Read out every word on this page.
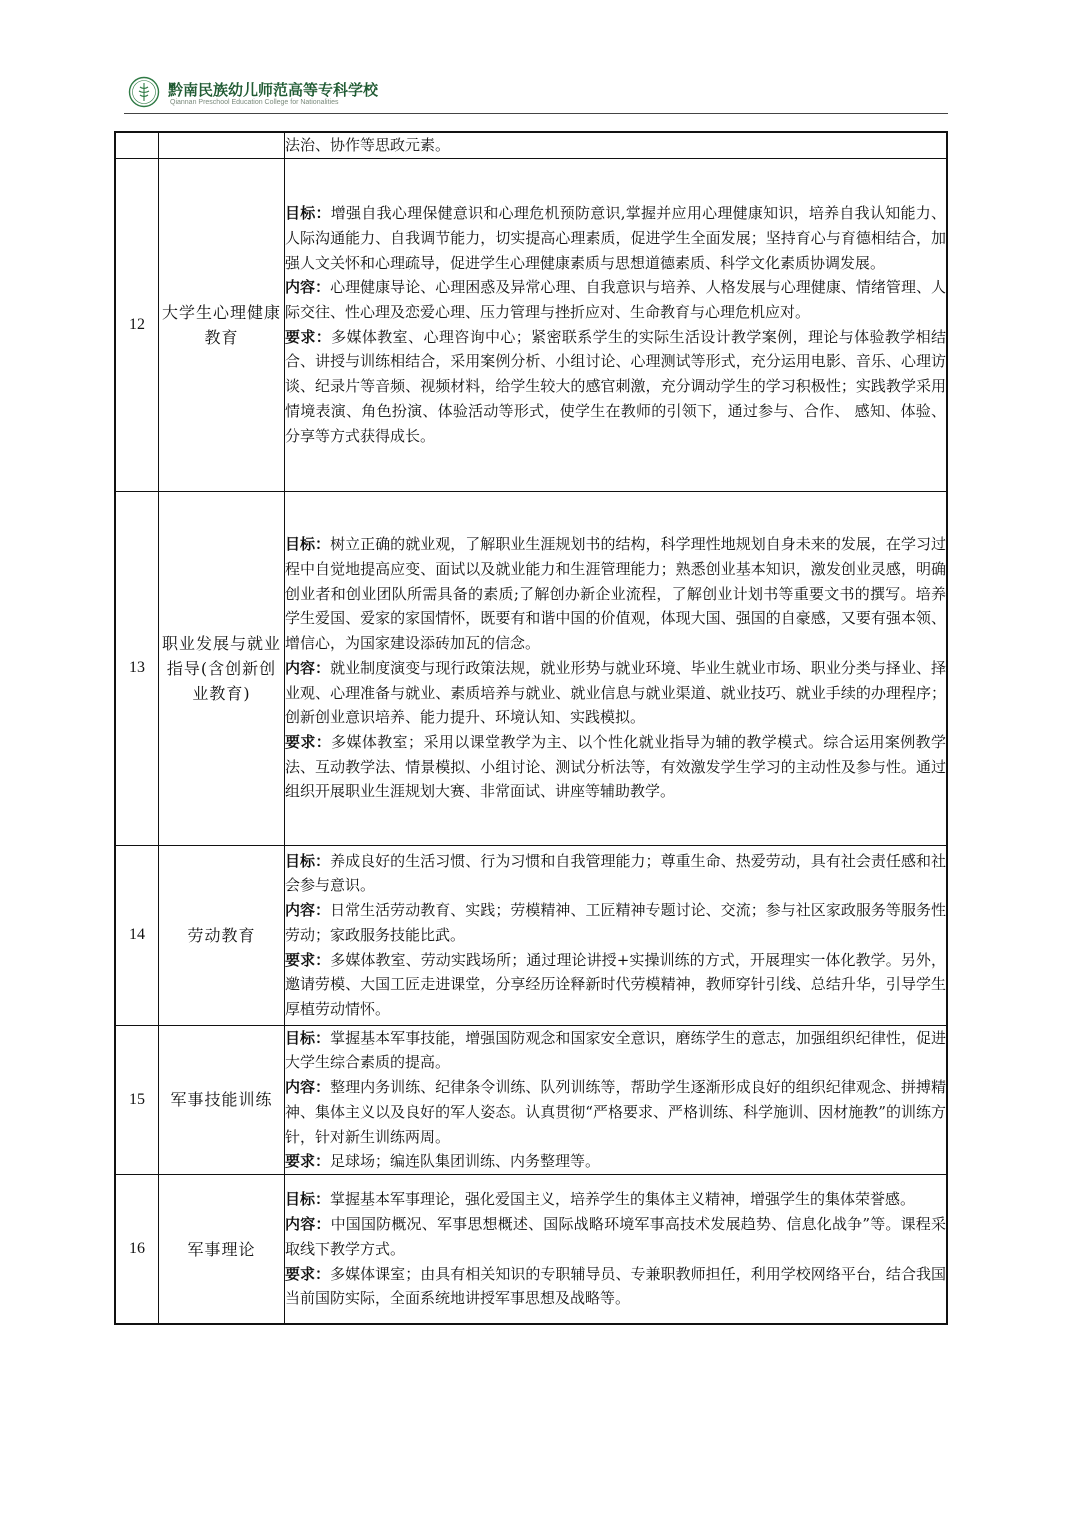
黔南民族幼儿师范高等专科学校
Qiannan Preschool Education College for Nationalities

		法治、协作等思政元素。

12	大学生心理健康教育	目标：增强自我心理保健意识和心理危机预防意识,掌握并应用心理健康知识，培养自我认知能力、人际沟通能力、自我调节能力，切实提高心理素质，促进学生全面发展；坚持育心与育德相结合，加强人文关怀和心理疏导，促进学生心理健康素质与思想道德素质、科学文化素质协调发展。

内容：心理健康导论、心理困惑及异常心理、自我意识与培养、人格发展与心理健康、情绪管理、人际交往、性心理及恋爱心理、压力管理与挫折应对、生命教育与心理危机应对。

要求：多媒体教室、心理咨询中心；紧密联系学生的实际生活设计教学案例，理论与体验教学相结合、讲授与训练相结合，采用案例分析、小组讨论、心理测试等形式，充分运用电影、音乐、心理访谈、纪录片等音频、视频材料，给学生较大的感官刺激，充分调动学生的学习积极性；实践教学采用情境表演、角色扮演、体验活动等形式，使学生在教师的引领下，通过参与、合作、 感知、体验、分享等方式获得成长。

13	职业发展与就业指导(含创新创业教育)	目标：树立正确的就业观，了解职业生涯规划书的结构，科学理性地规划自身未来的发展，在学习过程中自觉地提高应变、面试以及就业能力和生涯管理能力；熟悉创业基本知识，激发创业灵感，明确创业者和创业团队所需具备的素质;了解创办新企业流程，了解创业计划书等重要文书的撰写。培养学生爱国、爱家的家国情怀，既要有和谐中国的价值观，体现大国、强国的自豪感，又要有强本领、增信心，为国家建设添砖加瓦的信念。

内容：就业制度演变与现行政策法规，就业形势与就业环境、毕业生就业市场、职业分类与择业、择业观、心理准备与就业、素质培养与就业、就业信息与就业渠道、就业技巧、就业手续的办理程序；创新创业意识培养、能力提升、环境认知、实践模拟。

要求：多媒体教室；采用以课堂教学为主、以个性化就业指导为辅的教学模式。综合运用案例教学法、互动教学法、情景模拟、小组讨论、测试分析法等，有效激发学生学习的主动性及参与性。通过组织开展职业生涯规划大赛、非常面试、讲座等辅助教学。

14	劳动教育	目标：养成良好的生活习惯、行为习惯和自我管理能力；尊重生命、热爱劳动，具有社会责任感和社会参与意识。

内容：日常生活劳动教育、实践；劳模精神、工匠精神专题讨论、交流；参与社区家政服务等服务性劳动；家政服务技能比武。

要求：多媒体教室、劳动实践场所；通过理论讲授+实操训练的方式，开展理实一体化教学。另外，邀请劳模、大国工匠走进课堂，分享经历诠释新时代劳模精神，教师穿针引线、总结升华，引导学生厚植劳动情怀。

15	军事技能训练	目标：掌握基本军事技能，增强国防观念和国家安全意识，磨练学生的意志，加强组织纪律性，促进大学生综合素质的提高。

内容：整理内务训练、纪律条令训练、队列训练等，帮助学生逐渐形成良好的组织纪律观念、拼搏精神、集体主义以及良好的军人姿态。认真贯彻“严格要求、严格训练、科学施训、因材施教”的训练方针，针对新生训练两周。

要求：足球场；编连队集团训练、内务整理等。

16	军事理论	目标：掌握基本军事理论，强化爱国主义，培养学生的集体主义精神，增强学生的集体荣誉感。

内容：中国国防概况、军事思想概述、国际战略环境军事高技术发展趋势、信息化战争”等。课程采取线下教学方式。

要求：多媒体课室；由具有相关知识的专职辅导员、专兼职教师担任，利用学校网络平台，结合我国当前国防实际，全面系统地讲授军事思想及战略等。
